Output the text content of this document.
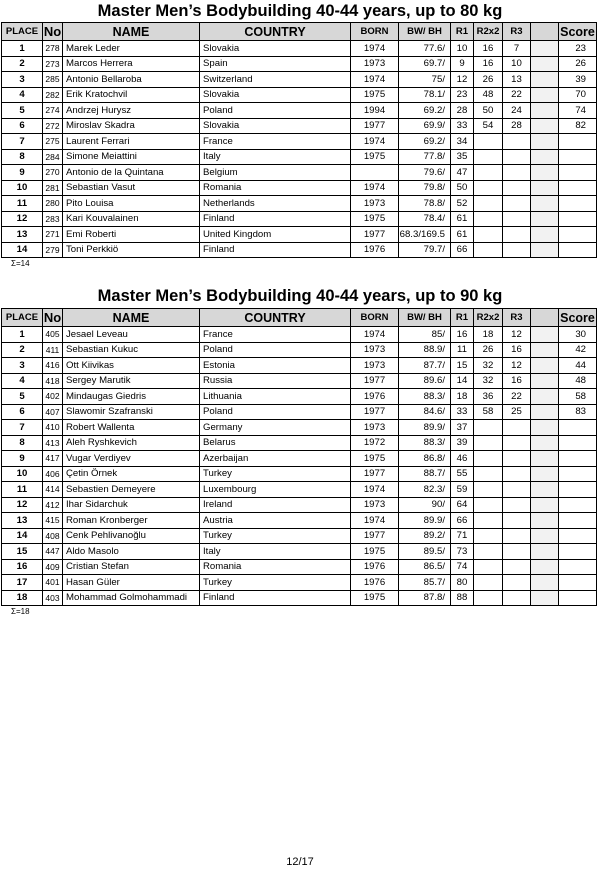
Master Men’s Bodybuilding 40-44 years, up to 80 kg
PLACE	No	NAME	COUNTRY	BORN	BW/ BH	R1	R2x2	R3		Score
1	278	Marek Leder	Slovakia	1974	77.6/	10	16	7		23
2	273	Marcos Herrera	Spain	1973	69.7/	9	16	10		26
3	285	Antonio Bellaroba	Switzerland	1974	75/	12	26	13		39
4	282	Erik Kratochvil	Slovakia	1975	78.1/	23	48	22		70
5	274	Andrzej Hurysz	Poland	1994	69.2/	28	50	24		74
6	272	Miroslav Skadra	Slovakia	1977	69.9/	33	54	28		82
7	275	Laurent Ferrari	France	1974	69.2/	34				
8	284	Simone Meiattini	Italy	1975	77.8/	35				
9	270	Antonio de la Quintana	Belgium		79.6/	47				
10	281	Sebastian Vasut	Romania	1974	79.8/	50				
11	280	Pito Louisa	Netherlands	1973	78.8/	52				
12	283	Kari Kouvalainen	Finland	1975	78.4/	61				
13	271	Emi Roberti	United Kingdom	1977	68.3/169.5	61				
14	279	Toni Perkkiö	Finland	1976	79.7/	66				
Σ=14
Master Men’s Bodybuilding 40-44 years, up to 90 kg
PLACE	No	NAME	COUNTRY	BORN	BW/ BH	R1	R2x2	R3		Score
1	405	Jesael Leveau	France	1974	85/	16	18	12		30
2	411	Sebastian Kukuc	Poland	1973	88.9/	11	26	16		42
3	416	Ott Kiivikas	Estonia	1973	87.7/	15	32	12		44
4	418	Sergey Marutik	Russia	1977	89.6/	14	32	16		48
5	402	Mindaugas Giedris	Lithuania	1976	88.3/	18	36	22		58
6	407	Slawomir Szafranski	Poland	1977	84.6/	33	58	25		83
7	410	Robert Wallenta	Germany	1973	89.9/	37				
8	413	Aleh Ryshkevich	Belarus	1972	88.3/	39				
9	417	Vugar Verdiyev	Azerbaijan	1975	86.8/	46				
10	406	Çetin Örnek	Turkey	1977	88.7/	55				
11	414	Sebastien Demeyere	Luxembourg	1974	82.3/	59				
12	412	Ihar Sidarchuk	Ireland	1973	90/	64				
13	415	Roman Kronberger	Austria	1974	89.9/	66				
14	408	Cenk Pehlivanoğlu	Turkey	1977	89.2/	71				
15	447	Aldo Masolo	Italy	1975	89.5/	73				
16	409	Cristian Stefan	Romania	1976	86.5/	74				
17	401	Hasan Güler	Turkey	1976	85.7/	80				
18	403	Mohammad Golmohammadi	Finland	1975	87.8/	88				
Σ=18
12/17
